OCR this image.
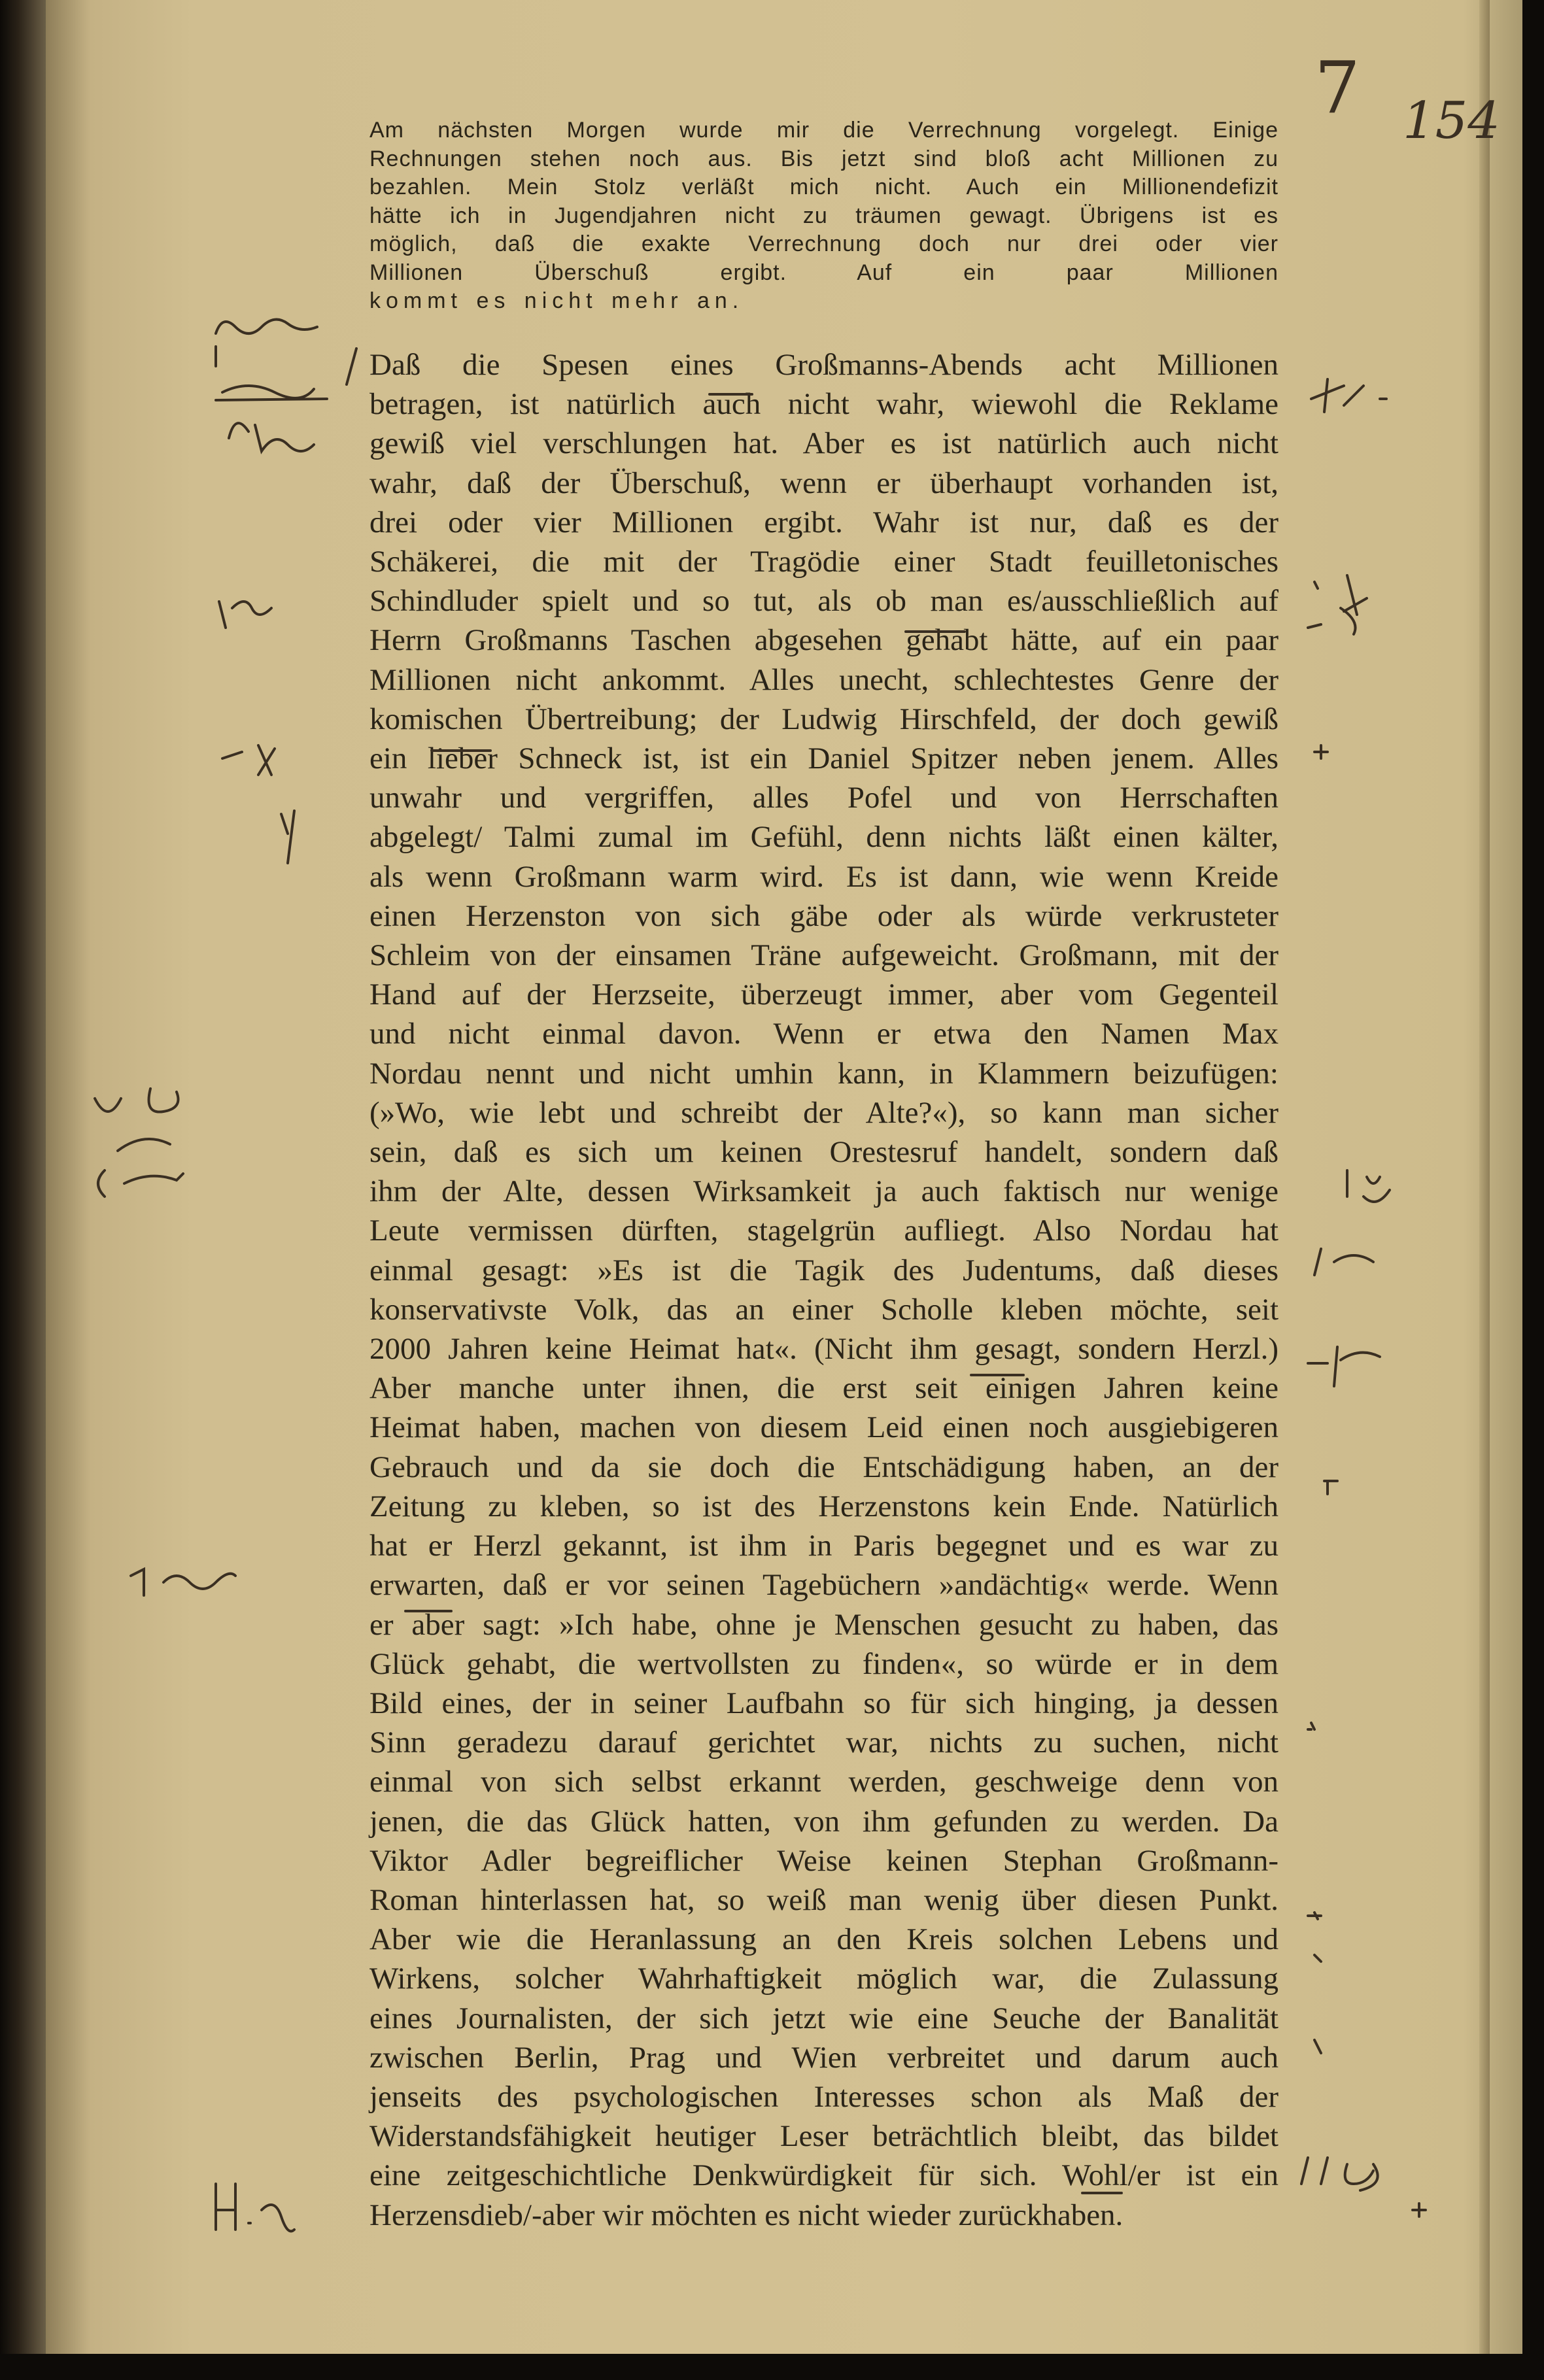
7 154
Am nächsten Morgen wurde mir die Verrechnung vorgelegt. Einige
Rechnungen stehen noch aus. Bis jetzt sind bloß acht Millionen zu
bezahlen. Mein Stolz verläßt mich nicht. Auch ein Millionendefizit
hätte ich in Jugendjahren nicht zu träumen gewagt. Übrigens ist es
möglich, daß die exakte Verrechnung doch nur drei oder vier
Millionen Überschuß ergibt. Auf ein paar Millionen
kommt es nicht mehr an.
Daß die Spesen eines Großmanns-Abends acht Millionen
betragen, ist natürlich auch nicht wahr, wiewohl die Reklame
gewiß viel verschlungen hat. Aber es ist natürlich auch nicht
wahr, daß der Überschuß, wenn er überhaupt vorhanden ist,
drei oder vier Millionen ergibt. Wahr ist nur, daß es der
Schäkerei, die mit der Tragödie einer Stadt feuilletonisches
Schindluder spielt und so tut, als ob man es/ausschließlich auf
Herrn Großmanns Taschen abgesehen gehabt hätte, auf ein paar
Millionen nicht ankommt. Alles unecht, schlechtestes Genre der
komischen Übertreibung; der Ludwig Hirschfeld, der doch gewiß
ein lieber Schneck ist, ist ein Daniel Spitzer neben jenem. Alles
unwahr und vergriffen, alles Pofel und von Herrschaften
abgelegt/ Talmi zumal im Gefühl, denn nichts läßt einen kälter,
als wenn Großmann warm wird. Es ist dann, wie wenn Kreide
einen Herzenston von sich gäbe oder als würde verkrusteter
Schleim von der einsamen Träne aufgeweicht. Großmann, mit der
Hand auf der Herzseite, überzeugt immer, aber vom Gegenteil
und nicht einmal davon. Wenn er etwa den Namen Max
Nordau nennt und nicht umhin kann, in Klammern beizufügen:
(»Wo, wie lebt und schreibt der Alte?«), so kann man sicher
sein, daß es sich um keinen Orestesruf handelt, sondern daß
ihm der Alte, dessen Wirksamkeit ja auch faktisch nur wenige
Leute vermissen dürften, stagelgrün aufliegt. Also Nordau hat
einmal gesagt: »Es ist die Tagik des Judentums, daß dieses
konservativste Volk, das an einer Scholle kleben möchte, seit
2000 Jahren keine Heimat hat«. (Nicht ihm gesagt, sondern Herzl.)
Aber manche unter ihnen, die erst seit einigen Jahren keine
Heimat haben, machen von diesem Leid einen noch ausgiebigeren
Gebrauch und da sie doch die Entschädigung haben, an der
Zeitung zu kleben, so ist des Herzenstons kein Ende. Natürlich
hat er Herzl gekannt, ist ihm in Paris begegnet und es war zu
erwarten, daß er vor seinen Tagebüchern »andächtig« werde. Wenn
er aber sagt: »Ich habe, ohne je Menschen gesucht zu haben, das
Glück gehabt, die wertvollsten zu finden«, so würde er in dem
Bild eines, der in seiner Laufbahn so für sich hinging, ja dessen
Sinn geradezu darauf gerichtet war, nichts zu suchen, nicht
einmal von sich selbst erkannt werden, geschweige denn von
jenen, die das Glück hatten, von ihm gefunden zu werden. Da
Viktor Adler begreiflicher Weise keinen Stephan Großmann-
Roman hinterlassen hat, so weiß man wenig über diesen Punkt.
Aber wie die Heranlassung an den Kreis solchen Lebens und
Wirkens, solcher Wahrhaftigkeit möglich war, die Zulassung
eines Journalisten, der sich jetzt wie eine Seuche der Banalität
zwischen Berlin, Prag und Wien verbreitet und darum auch
jenseits des psychologischen Interesses schon als Maß der
Widerstandsfähigkeit heutiger Leser beträchtlich bleibt, das bildet
eine zeitgeschichtliche Denkwürdigkeit für sich. Wohl/er ist ein
Herzensdieb/-aber wir möchten es nicht wieder zurückhaben.
